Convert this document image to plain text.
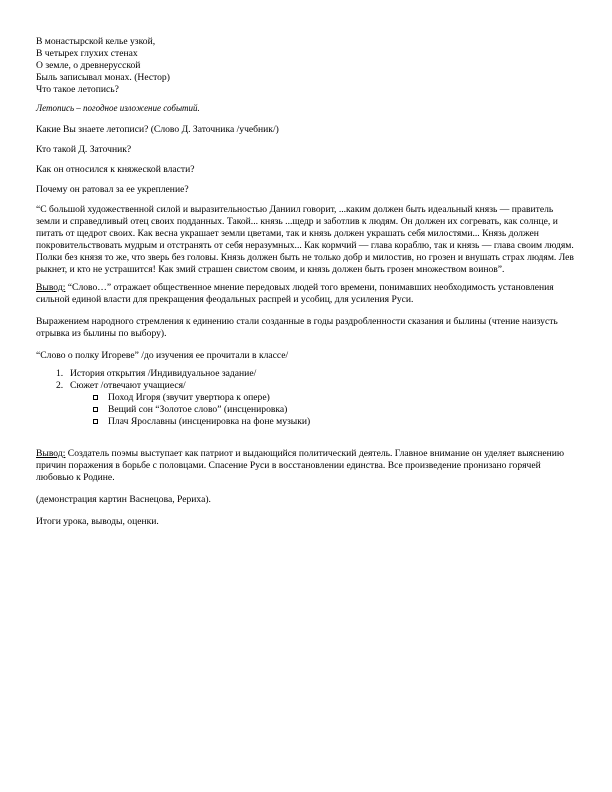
В монастырской келье узкой,
В четырех глухих стенах
О земле, о древнерусской
Быль записывал монах. (Нестор)
Что такое летопись?

Летопись – погодное изложение событий.

Какие Вы знаете летописи? (Слово Д. Заточника /учебник/)

Кто такой Д. Заточник?

Как он относился к княжеской власти?

Почему он ратовал за ее укрепление?

“С большой художественной силой и выразительностью Даниил говорит, ...каким должен быть идеальный князь — правитель земли и справедливый отец своих подданных. Такой... князь ...щедр и заботлив к людям. Он должен их согревать, как солнце, и питать от щедрот своих. Как весна украшает земли цветами, так и князь должен украшать себя милостями... Князь должен покровительствовать мудрым и отстранять от себя неразумных... Как кормчий — глава кораблю, так и князь — глава своим людям. Полки без князя то же, что зверь без головы. Князь должен быть не только добр и милостив, но грозен и внушать страх людям. Лев рыкнет, и кто не устрашится! Как змий страшен свистом своим, и князь должен быть грозен множеством воинов”.

Вывод: “Слово…” отражает общественное мнение передовых людей того времени, понимавших необходимость установления сильной единой власти для прекращения феодальных распрей и усобиц, для усиления Руси.

Выражением народного стремления к единению стали созданные в годы раздробленности сказания и былины (чтение наизусть отрывка из былины по выбору).

“Слово о полку Игореве” /до изучения ее прочитали в классе/

1. История открытия /Индивидуальное задание/
2. Сюжет /отвечают учащиеся/
Поход Игоря (звучит увертюра к опере)
Вещий сон “Золотое слово” (инсценировка)
Плач Ярославны (инсценировка на фоне музыки)

Вывод: Создатель поэмы выступает как патриот и выдающийся политический деятель. Главное внимание он уделяет выяснению причин поражения в борьбе с половцами. Спасение Руси в восстановлении единства. Все произведение пронизано горячей любовью к Родине.

(демонстрация картин Васнецова, Рериха).

Итоги урока, выводы, оценки.
